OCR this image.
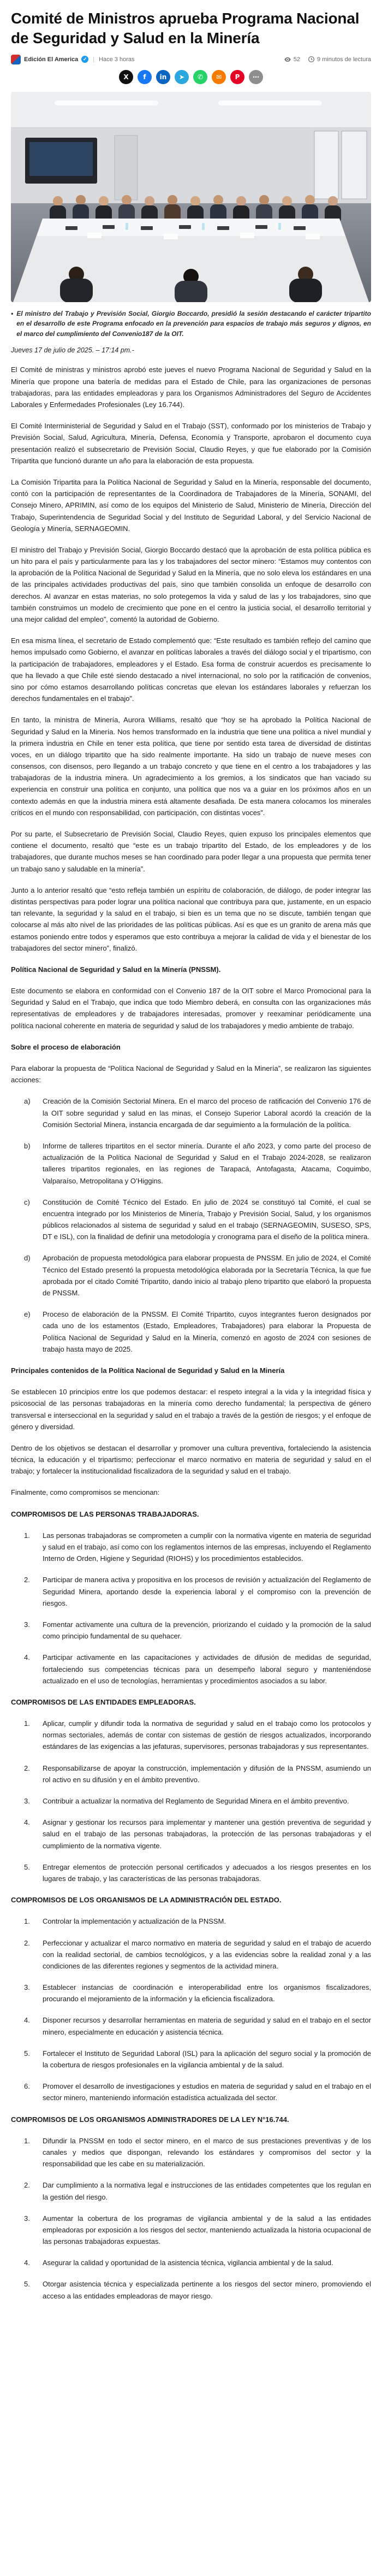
Comité de Ministros aprueba Programa Nacional de Seguridad y Salud en la Minería
Edición El America ✓ | Hace 3 horas	52	9 minutos de lectura
X	f	in	➤	✆	✉	P	⋯
• El ministro del Trabajo y Previsión Social, Giorgio Boccardo, presidió la sesión destacando el carácter tripartito en el desarrollo de este Programa enfocado en la prevención para espacios de trabajo más seguros y dignos, en el marco del cumplimiento del Convenio187 de la OIT.

Jueves 17 de julio de 2025. – 17:14 pm.-

El Comité de ministras y ministros aprobó este jueves el nuevo Programa Nacional de Seguridad y Salud en la Minería que propone una batería de medidas para el Estado de Chile, para las organizaciones de personas trabajadoras, para las entidades empleadoras y para los Organismos Administradores del Seguro de Accidentes Laborales y Enfermedades Profesionales (Ley 16.744).

El Comité Interministerial de Seguridad y Salud en el Trabajo (SST), conformado por los ministerios de Trabajo y Previsión Social, Salud, Agricultura, Minería, Defensa, Economía y Transporte, aprobaron el documento cuya presentación realizó el subsecretario de Previsión Social, Claudio Reyes, y que fue elaborado por la Comisión Tripartita que funcionó durante un año para la elaboración de esta propuesta.

La Comisión Tripartita para la Política Nacional de Seguridad y Salud en la Minería, responsable del documento, contó con la participación de representantes de la Coordinadora de Trabajadores de la Minería, SONAMI, del Consejo Minero, APRIMIN, así como de los equipos del Ministerio de Salud, Ministerio de Minería, Dirección del Trabajo, Superintendencia de Seguridad Social y del Instituto de Seguridad Laboral, y del Servicio Nacional de Geología y Minería, SERNAGEOMIN.

El ministro del Trabajo y Previsión Social, Giorgio Boccardo destacó que la aprobación de esta política pública es un hito para el país y particularmente para las y los trabajadores del sector minero: “Estamos muy contentos con la aprobación de la Política Nacional de Seguridad y Salud en la Minería, que no solo eleva los estándares en una de las principales actividades productivas del país, sino que también consolida un enfoque de desarrollo con derechos. Al avanzar en estas materias, no solo protegemos la vida y salud de las y los trabajadores, sino que también construimos un modelo de crecimiento que pone en el centro la justicia social, el desarrollo territorial y una mejor calidad del empleo”, comentó la autoridad de Gobierno.

En esa misma línea, el secretario de Estado complementó que: “Este resultado es también reflejo del camino que hemos impulsado como Gobierno, el avanzar en políticas laborales a través del diálogo social y el tripartismo, con la participación de trabajadores, empleadores y el Estado. Esa forma de construir acuerdos es precisamente lo que ha llevado a que Chile esté siendo destacado a nivel internacional, no solo por la ratificación de convenios, sino por cómo estamos desarrollando políticas concretas que elevan los estándares laborales y refuerzan los derechos fundamentales en el trabajo”.

En tanto, la ministra de Minería, Aurora Williams, resaltó que “hoy se ha aprobado la Política Nacional de Seguridad y Salud en la Minería. Nos hemos transformado en la industria que tiene una política a nivel mundial y la primera industria en Chile en tener esta política, que tiene por sentido esta tarea de diversidad de distintas voces, en un diálogo tripartito que ha sido realmente importante. Ha sido un trabajo de nueve meses con consensos, con disensos, pero llegando a un trabajo concreto y que tiene en el centro a los trabajadores y las trabajadoras de la industria minera. Un agradecimiento a los gremios, a los sindicatos que han vaciado su experiencia en construir una política en conjunto, una política que nos va a guiar en los próximos años en un contexto además en que la industria minera está altamente desafiada. De esta manera colocamos los minerales críticos en el mundo con responsabilidad, con participación, con distintas voces”.

Por su parte, el Subsecretario de Previsión Social, Claudio Reyes, quien expuso los principales elementos que contiene el documento, resaltó que “este es un trabajo tripartito del Estado, de los empleadores y de los trabajadores, que durante muchos meses se han coordinado para poder llegar a una propuesta que permita tener un trabajo sano y saludable en la minería”.

Junto a lo anterior resaltó que “esto refleja también un espíritu de colaboración, de diálogo, de poder integrar las distintas perspectivas para poder lograr una política nacional que contribuya para que, justamente, en un espacio tan relevante, la seguridad y la salud en el trabajo, si bien es un tema que no se discute, también tengan que colocarse al más alto nivel de las prioridades de las políticas públicas. Así es que es un granito de arena más que estamos poniendo entre todos y esperamos que esto contribuya a mejorar la calidad de vida y el bienestar de los trabajadores del sector minero”, finalizó.

Política Nacional de Seguridad y Salud en la Minería (PNSSM).

Este documento se elabora en conformidad con el Convenio 187 de la OIT sobre el Marco Promocional para la Seguridad y Salud en el Trabajo, que indica que todo Miembro deberá, en consulta con las organizaciones más representativas de empleadores y de trabajadores interesadas, promover y reexaminar periódicamente una política nacional coherente en materia de seguridad y salud de los trabajadores y medio ambiente de trabajo.

Sobre el proceso de elaboración

Para elaborar la propuesta de “Política Nacional de Seguridad y Salud en la Minería”, se realizaron las siguientes acciones:

a)	Creación de la Comisión Sectorial Minera. En el marco del proceso de ratificación del Convenio 176 de la OIT sobre seguridad y salud en las minas, el Consejo Superior Laboral acordó la creación de la Comisión Sectorial Minera, instancia encargada de dar seguimiento a la formulación de la política.
b)	Informe de talleres tripartitos en el sector minería. Durante el año 2023, y como parte del proceso de actualización de la Política Nacional de Seguridad y Salud en el Trabajo 2024-2028, se realizaron talleres tripartitos regionales, en las regiones de Tarapacá, Antofagasta, Atacama, Coquimbo, Valparaíso, Metropolitana y O’Higgins.
c)	Constitución de Comité Técnico del Estado. En julio de 2024 se constituyó tal Comité, el cual se encuentra integrado por los Ministerios de Minería, Trabajo y Previsión Social, Salud, y los organismos públicos relacionados al sistema de seguridad y salud en el trabajo (SERNAGEOMIN, SUSESO, SPS, DT e ISL), con la finalidad de definir una metodología y cronograma para el diseño de la política minera.
d)	Aprobación de propuesta metodológica para elaborar propuesta de PNSSM. En julio de 2024, el Comité Técnico del Estado presentó la propuesta metodológica elaborada por la Secretaría Técnica, la que fue aprobada por el citado Comité Tripartito, dando inicio al trabajo pleno tripartito que elaboró la propuesta de PNSSM.
e)	Proceso de elaboración de la PNSSM. El Comité Tripartito, cuyos integrantes fueron designados por cada uno de los estamentos (Estado, Empleadores, Trabajadores) para elaborar la Propuesta de Política Nacional de Seguridad y Salud en la Minería, comenzó en agosto de 2024 con sesiones de trabajo hasta mayo de 2025.
Principales contenidos de la Política Nacional de Seguridad y Salud en la Minería

Se establecen 10 principios entre los que podemos destacar: el respeto integral a la vida y la integridad física y psicosocial de las personas trabajadoras en la minería como derecho fundamental; la perspectiva de género transversal e interseccional en la seguridad y salud en el trabajo a través de la gestión de riesgos; y el enfoque de género y diversidad.

Dentro de los objetivos se destacan el desarrollar y promover una cultura preventiva, fortaleciendo la asistencia técnica, la educación y el tripartismo; perfeccionar el marco normativo en materia de seguridad y salud en el trabajo; y fortalecer la institucionalidad fiscalizadora de la seguridad y salud en el trabajo.

Finalmente, como compromisos se mencionan:

COMPROMISOS DE LAS PERSONAS TRABAJADORAS.
1.	Las personas trabajadoras se comprometen a cumplir con la normativa vigente en materia de seguridad y salud en el trabajo, así como con los reglamentos internos de las empresas, incluyendo el Reglamento Interno de Orden, Higiene y Seguridad (RIOHS) y los procedimientos establecidos.
2.	Participar de manera activa y propositiva en los procesos de revisión y actualización del Reglamento de Seguridad Minera, aportando desde la experiencia laboral y el compromiso con la prevención de riesgos.
3.	Fomentar activamente una cultura de la prevención, priorizando el cuidado y la promoción de la salud como principio fundamental de su quehacer.
4.	Participar activamente en las capacitaciones y actividades de difusión de medidas de seguridad, fortaleciendo sus competencias técnicas para un desempeño laboral seguro y manteniéndose actualizado en el uso de tecnologías, herramientas y procedimientos asociados a su labor.
COMPROMISOS DE LAS ENTIDADES EMPLEADORAS.
1.	Aplicar, cumplir y difundir toda la normativa de seguridad y salud en el trabajo como los protocolos y normas sectoriales, además de contar con sistemas de gestión de riesgos actualizados, incorporando estándares de las exigencias a las jefaturas, supervisores, personas trabajadoras y sus representantes.
2.	Responsabilizarse de apoyar la construcción, implementación y difusión de la PNSSM, asumiendo un rol activo en su difusión y en el ámbito preventivo.
3.	Contribuir a actualizar la normativa del Reglamento de Seguridad Minera en el ámbito preventivo.
4.	Asignar y gestionar los recursos para implementar y mantener una gestión preventiva de seguridad y salud en el trabajo de las personas trabajadoras, la protección de las personas trabajadoras y el cumplimiento de la normativa vigente.
5.	Entregar elementos de protección personal certificados y adecuados a los riesgos presentes en los lugares de trabajo, y las características de las personas trabajadoras.
COMPROMISOS DE LOS ORGANISMOS DE LA ADMINISTRACIÓN DEL ESTADO.
1.	Controlar la implementación y actualización de la PNSSM.
2.	Perfeccionar y actualizar el marco normativo en materia de seguridad y salud en el trabajo de acuerdo con la realidad sectorial, de cambios tecnológicos, y a las evidencias sobre la realidad zonal y a las condiciones de las diferentes regiones y segmentos de la actividad minera.
3.	Establecer instancias de coordinación e interoperabilidad entre los organismos fiscalizadores, procurando el mejoramiento de la información y la eficiencia fiscalizadora.
4.	Disponer recursos y desarrollar herramientas en materia de seguridad y salud en el trabajo en el sector minero, especialmente en educación y asistencia técnica.
5.	Fortalecer el Instituto de Seguridad Laboral (ISL) para la aplicación del seguro social y la promoción de la cobertura de riesgos profesionales en la vigilancia ambiental y de la salud.
6.	Promover el desarrollo de investigaciones y estudios en materia de seguridad y salud en el trabajo en el sector minero, manteniendo información estadística actualizada del sector.
COMPROMISOS DE LOS ORGANISMOS ADMINISTRADORES DE LA LEY N°16.744.
1.	Difundir la PNSSM en todo el sector minero, en el marco de sus prestaciones preventivas y de los canales y medios que dispongan, relevando los estándares y compromisos del sector y la responsabilidad que les cabe en su materialización.
2.	Dar cumplimiento a la normativa legal e instrucciones de las entidades competentes que los regulan en la gestión del riesgo.
3.	Aumentar la cobertura de los programas de vigilancia ambiental y de la salud a las entidades empleadoras por exposición a los riesgos del sector, manteniendo actualizada la historia ocupacional de las personas trabajadoras expuestas.
4.	Asegurar la calidad y oportunidad de la asistencia técnica, vigilancia ambiental y de la salud.
5.	Otorgar asistencia técnica y especializada pertinente a los riesgos del sector minero, promoviendo el acceso a las entidades empleadoras de mayor riesgo.
